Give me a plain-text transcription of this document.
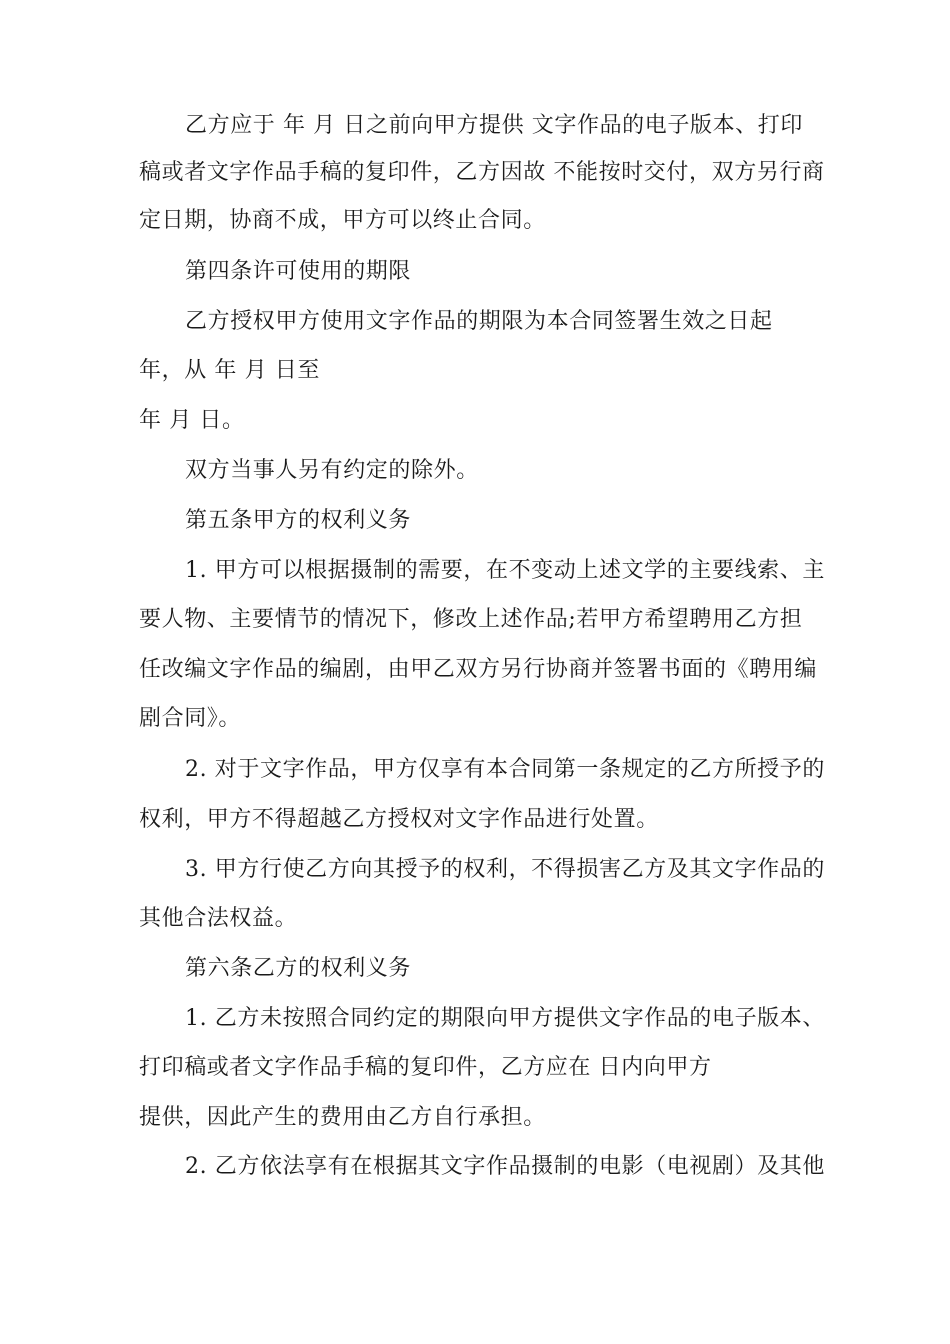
乙方应于 年 月 日之前向甲方提供 文字作品的电子版本、打印
稿或者文字作品手稿的复印件，乙方因故 不能按时交付，双方另行商
定日期，协商不成，甲方可以终止合同。
第四条许可使用的期限
乙方授权甲方使用文字作品的期限为本合同签署生效之日起
年，从 年 月 日至
年 月 日。
双方当事人另有约定的除外。
第五条甲方的权利义务
1. 甲方可以根据摄制的需要，在不变动上述文学的主要线索、主
要人物、主要情节的情况下，修改上述作品;若甲方希望聘用乙方担
任改编文字作品的编剧，由甲乙双方另行协商并签署书面的《聘用编
剧合同》。
2. 对于文字作品，甲方仅享有本合同第一条规定的乙方所授予的
权利，甲方不得超越乙方授权对文字作品进行处置。
3. 甲方行使乙方向其授予的权利，不得损害乙方及其文字作品的
其他合法权益。
第六条乙方的权利义务
1. 乙方未按照合同约定的期限向甲方提供文字作品的电子版本、
打印稿或者文字作品手稿的复印件，乙方应在 日内向甲方
提供，因此产生的费用由乙方自行承担。
2. 乙方依法享有在根据其文字作品摄制的电影（电视剧）及其他
